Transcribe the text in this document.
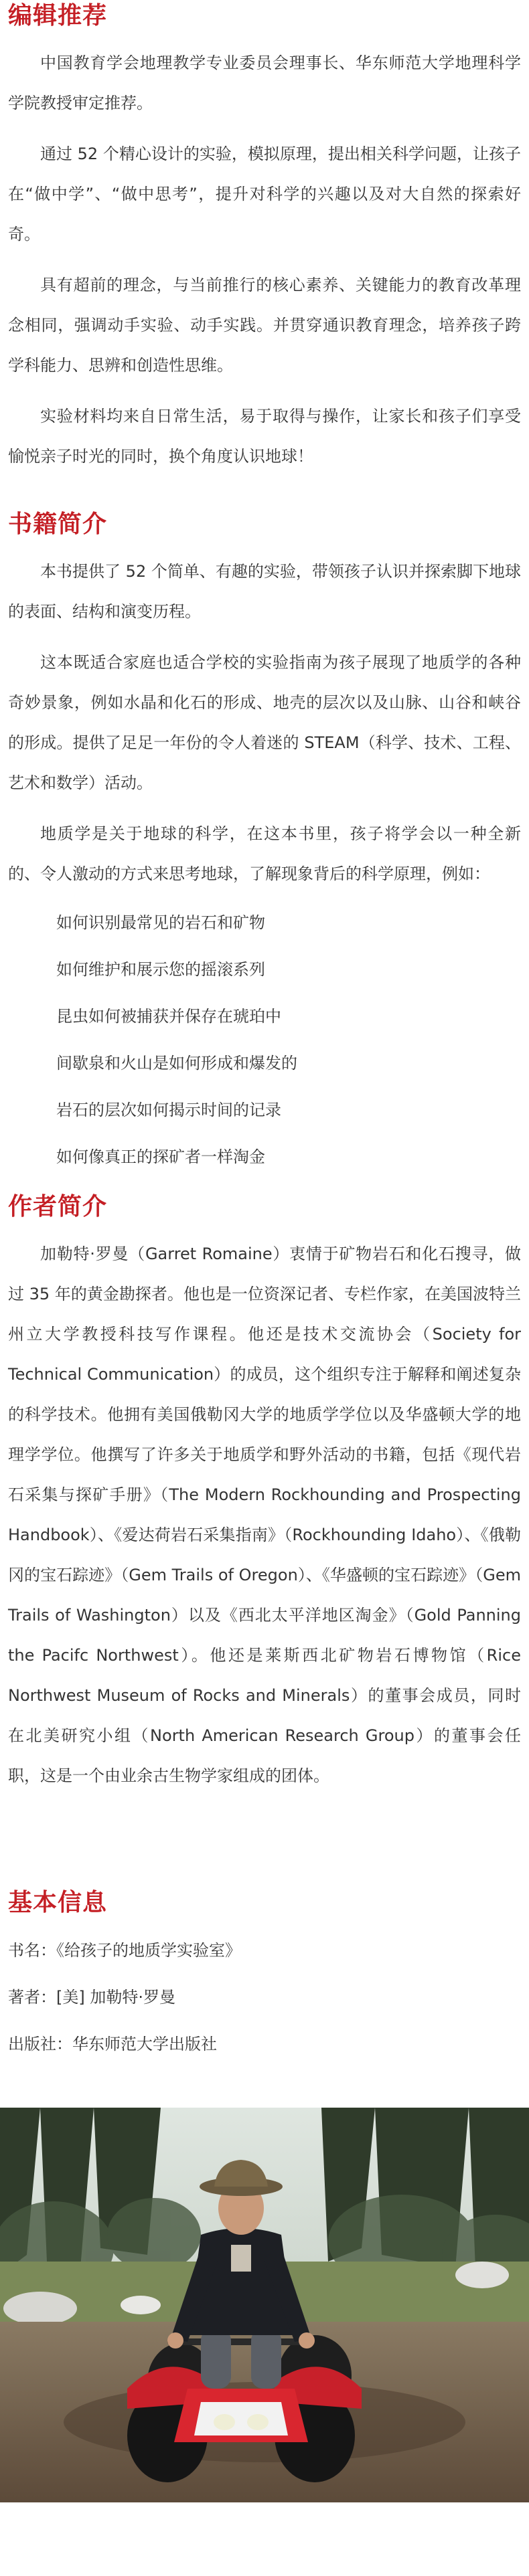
编辑推荐

中国教育学会地理教学专业委员会理事长、华东师范大学地理科学学院教授审定推荐。

通过 52 个精心设计的实验，模拟原理，提出相关科学问题，让孩子在“做中学”、“做中思考”，提升对科学的兴趣以及对大自然的探索好奇。

具有超前的理念，与当前推行的核心素养、关键能力的教育改革理念相同，强调动手实验、动手实践。并贯穿通识教育理念，培养孩子跨学科能力、思辨和创造性思维。

实验材料均来自日常生活，易于取得与操作，让家长和孩子们享受愉悦亲子时光的同时，换个角度认识地球！

书籍简介

本书提供了 52 个简单、有趣的实验，带领孩子认识并探索脚下地球的表面、结构和演变历程。

这本既适合家庭也适合学校的实验指南为孩子展现了地质学的各种奇妙景象，例如水晶和化石的形成、地壳的层次以及山脉、山谷和峡谷的形成。提供了足足一年份的令人着迷的 STEAM（科学、技术、工程、艺术和数学）活动。

地质学是关于地球的科学，在这本书里，孩子将学会以一种全新的、令人激动的方式来思考地球，了解现象背后的科学原理，例如：

如何识别最常见的岩石和矿物
如何维护和展示您的摇滚系列
昆虫如何被捕获并保存在琥珀中
间歇泉和火山是如何形成和爆发的
岩石的层次如何揭示时间的记录
如何像真正的探矿者一样淘金
作者简介

加勒特·罗曼（Garret Romaine）衷情于矿物岩石和化石搜寻，做过 35 年的黄金勘探者。他也是一位资深记者、专栏作家，在美国波特兰州立大学教授科技写作课程。他还是技术交流协会（Society for Technical Communication）的成员，这个组织专注于解释和阐述复杂的科学技术。他拥有美国俄勒冈大学的地质学学位以及华盛顿大学的地理学学位。他撰写了许多关于地质学和野外活动的书籍，包括《现代岩石采集与探矿手册》（The Modern Rockhounding and Prospecting Handbook）、《爱达荷岩石采集指南》（Rockhounding Idaho）、《俄勒冈的宝石踪迹》（Gem Trails of Oregon）、《华盛顿的宝石踪迹》（Gem Trails of Washington）以及《西北太平洋地区淘金》（Gold Panning the Pacifc Northwest）。他还是莱斯西北矿物岩石博物馆（Rice Northwest Museum of Rocks and Minerals）的董事会成员，同时在北美研究小组（North American Research Group）的董事会任职，这是一个由业余古生物学家组成的团体。

基本信息

书名：《给孩子的地质学实验室》

著者：[美] 加勒特·罗曼

出版社：华东师范大学出版社
